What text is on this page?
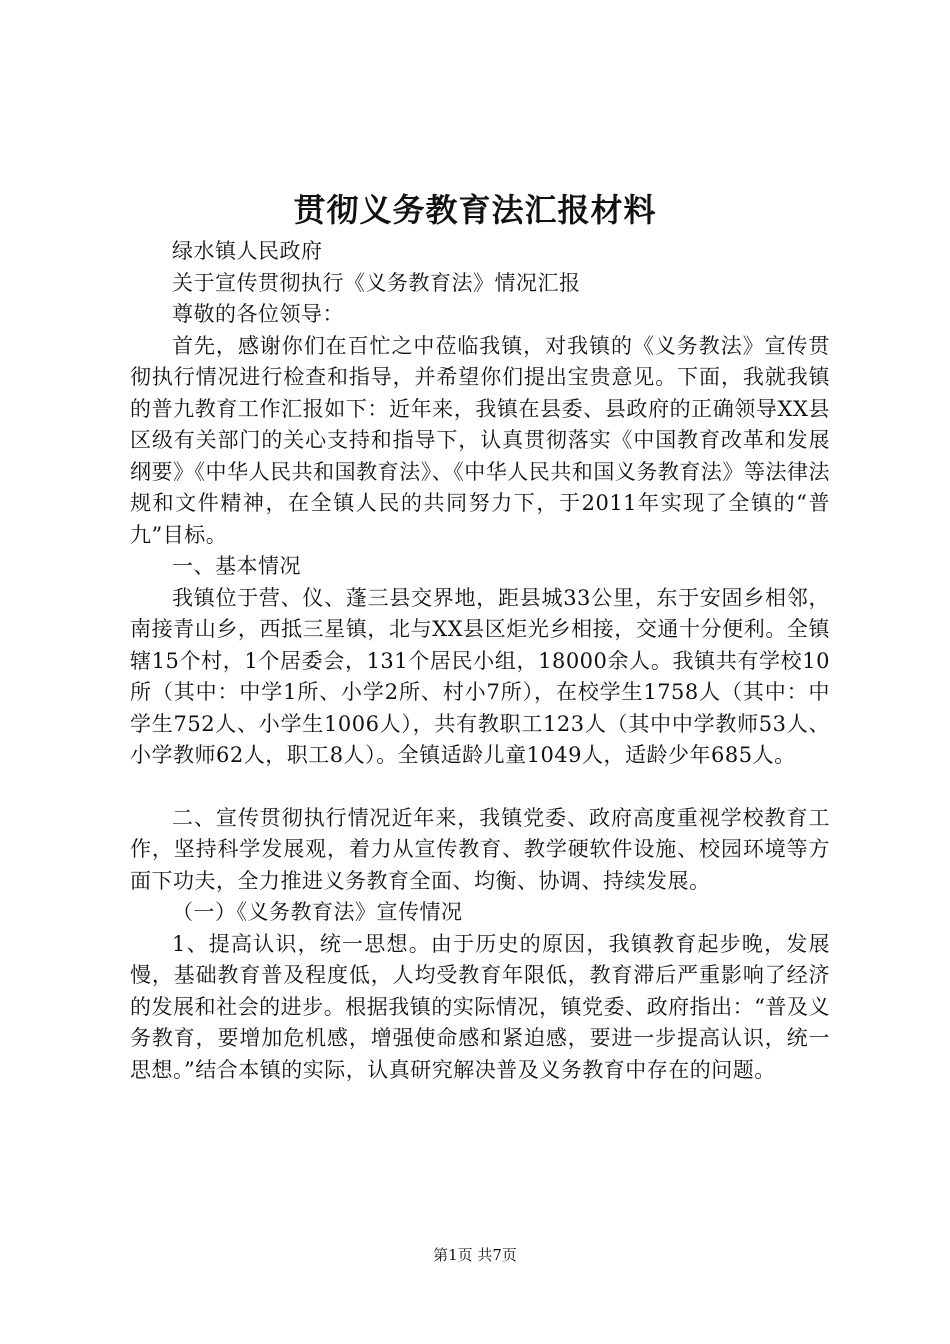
贯彻义务教育法汇报材料

绿水镇人民政府

关于宣传贯彻执行《义务教育法》情况汇报

尊敬的各位领导：

首先，感谢你们在百忙之中莅临我镇，对我镇的《义务教法》宣传贯彻执行情况进行检查和指导，并希望你们提出宝贵意见。下面，我就我镇的普九教育工作汇报如下：近年来，我镇在县委、县政府的正确领导XX县区级有关部门的关心支持和指导下，认真贯彻落实《中国教育改革和发展纲要》《中华人民共和国教育法》、《中华人民共和国义务教育法》等法律法规和文件精神，在全镇人民的共同努力下，于2011年实现了全镇的“普九”目标。

一、基本情况

我镇位于营、仪、蓬三县交界地，距县城33公里，东于安固乡相邻，南接青山乡，西抵三星镇，北与XX县区炬光乡相接，交通十分便利。全镇辖15个村，1个居委会，131个居民小组，18000余人。我镇共有学校10所（其中：中学1所、小学2所、村小7所），在校学生1758人（其中：中学生752人、小学生1006人），共有教职工123人（其中中学教师53人、小学教师62人，职工8人）。全镇适龄儿童1049人，适龄少年685人。

二、宣传贯彻执行情况近年来，我镇党委、政府高度重视学校教育工作，坚持科学发展观，着力从宣传教育、教学硬软件设施、校园环境等方面下功夫，全力推进义务教育全面、均衡、协调、持续发展。

（一）《义务教育法》宣传情况

1、提高认识，统一思想。由于历史的原因，我镇教育起步晚，发展慢，基础教育普及程度低，人均受教育年限低，教育滞后严重影响了经济的发展和社会的进步。根据我镇的实际情况，镇党委、政府指出：“普及义务教育，要增加危机感，增强使命感和紧迫感，要进一步提高认识，统一思想。”结合本镇的实际，认真研究解决普及义务教育中存在的问题。

第1页 共7页
